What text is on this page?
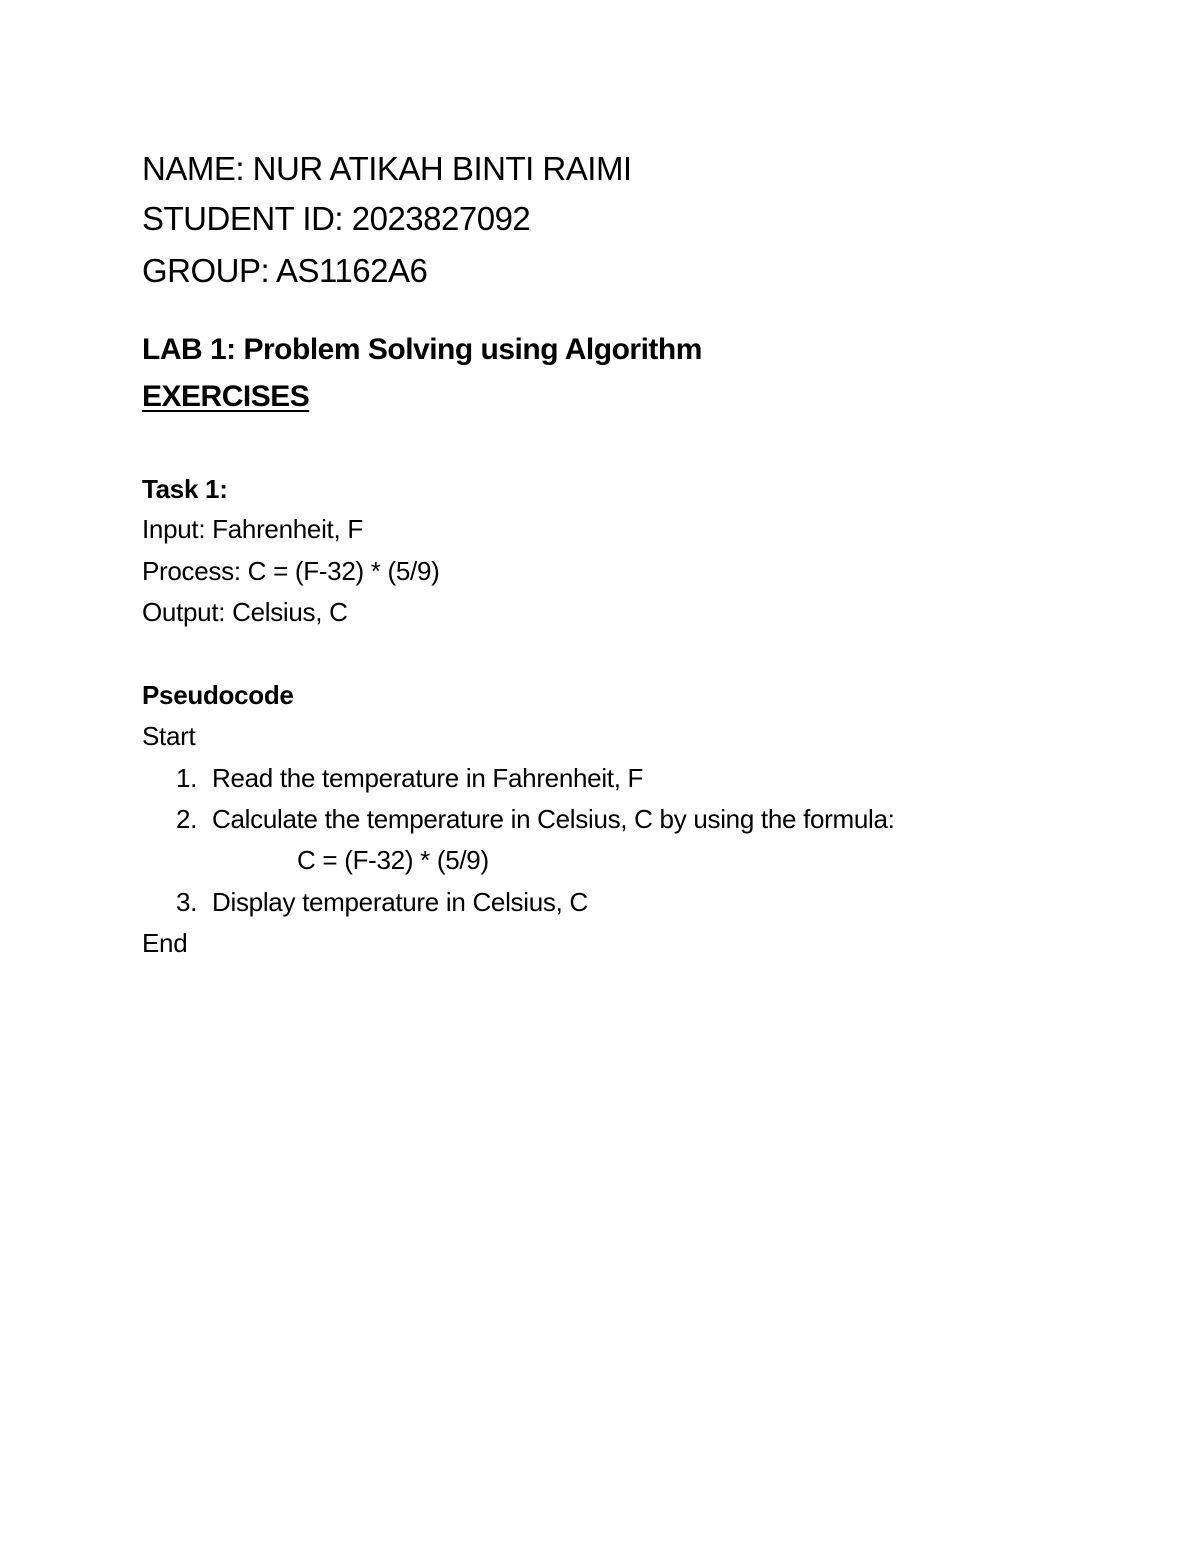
NAME: NUR ATIKAH BINTI RAIMI

STUDENT ID: 2023827092

GROUP: AS1162A6

LAB 1: Problem Solving using Algorithm

EXERCISES

Task 1:

Input: Fahrenheit, F

Process: C = (F-32) * (5/9)

Output: Celsius, C

Pseudocode

Start

1. Read the temperature in Fahrenheit, F
2. Calculate the temperature in Celsius, C by using the formula:
C = (F-32) * (5/9)
3. Display temperature in Celsius, C

End
